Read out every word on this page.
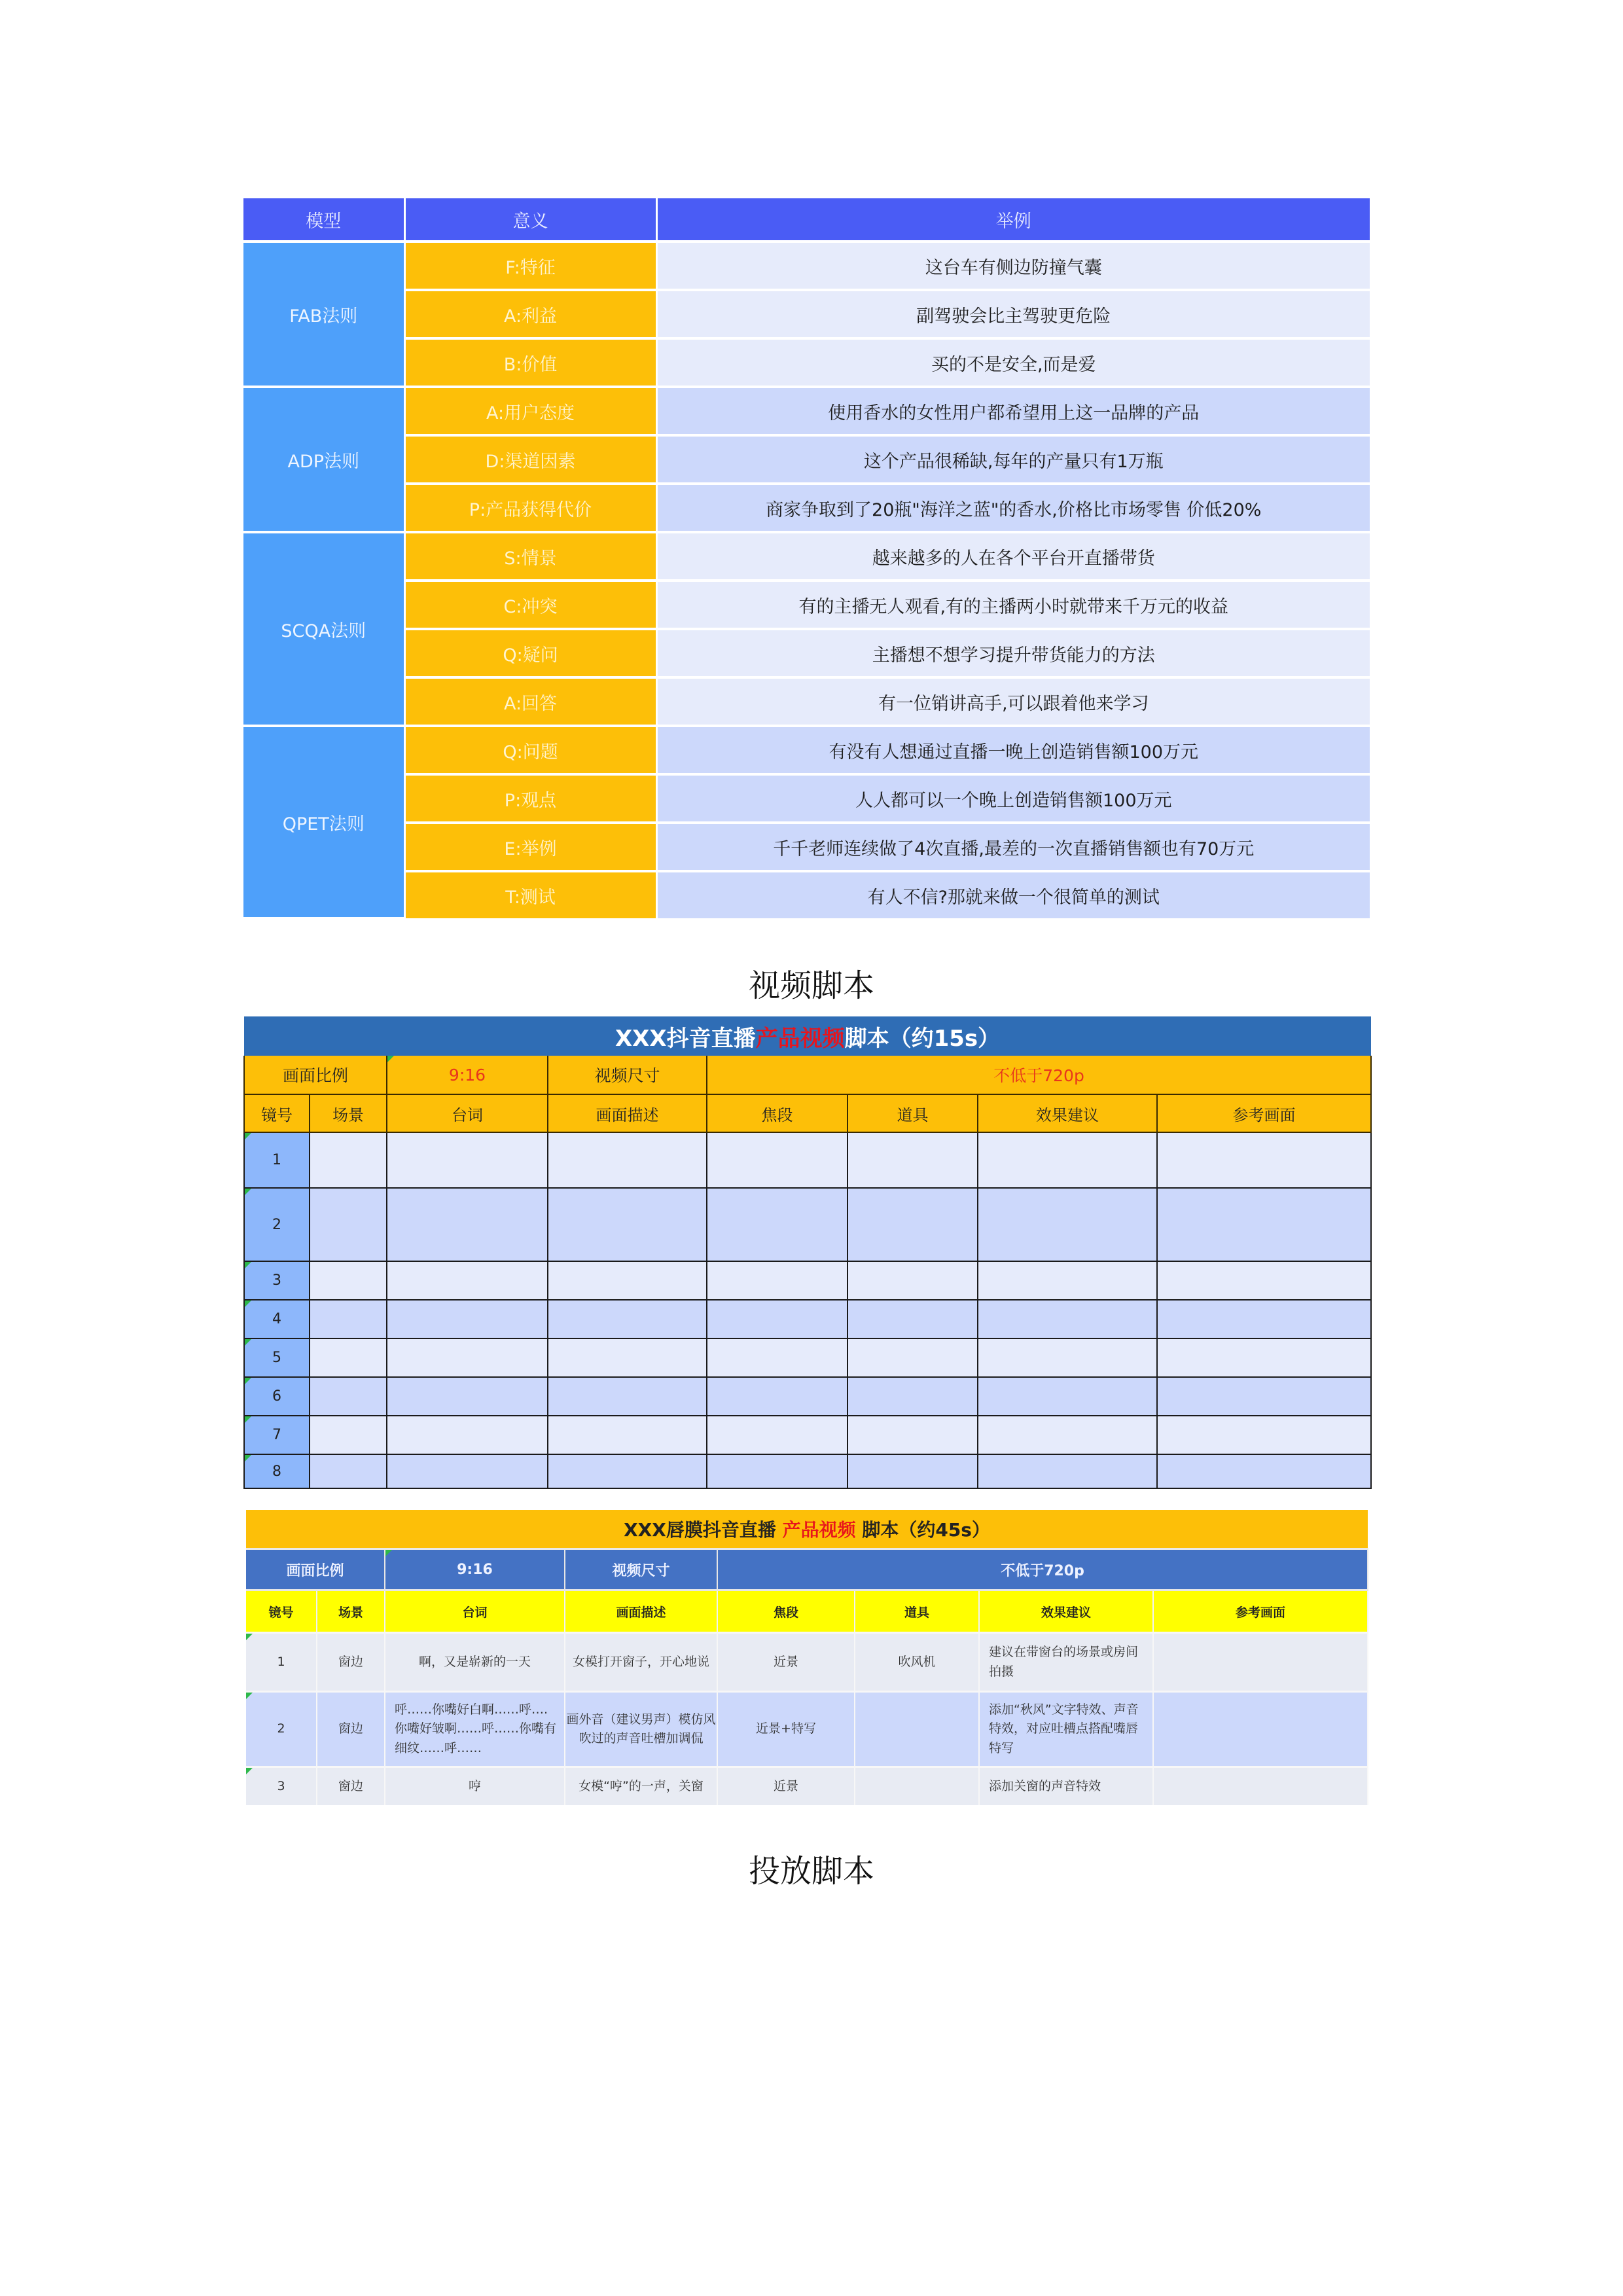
模型	意义	举例
FAB法则	F:特征	这台车有侧边防撞气囊
	A:利益	副驾驶会比主驾驶更危险
	B:价值	买的不是安全,而是爱
ADP法则	A:用户态度	使用香水的女性用户都希望用上这一品牌的产品
	D:渠道因素	这个产品很稀缺,每年的产量只有1万瓶
	P:产品获得代价	商家争取到了20瓶"海洋之蓝"的香水,价格比市场零售 价低20%
SCQA法则	S:情景	越来越多的人在各个平台开直播带货
	C:冲突	有的主播无人观看,有的主播两小时就带来千万元的收益
	Q:疑问	主播想不想学习提升带货能力的方法
	A:回答	有一位销讲高手,可以跟着他来学习
QPET法则	Q:问题	有没有人想通过直播一晚上创造销售额100万元
	P:观点	人人都可以一个晚上创造销售额100万元
	E:举例	千千老师连续做了4次直播,最差的一次直播销售额也有70万元
	T:测试	有人不信?那就来做一个很简单的测试
视频脚本
XXX抖音直播产品视频脚本（约15s）							
画面比例		9:16	视频尺寸	不低于720p			
镜号	场景	台词	画面描述	焦段	道具	效果建议	参考画面

1							

2							

3							

4							

5							

6							

7							

8							
XXX唇膜抖音直播 产品视频 脚本（约45s）							
画面比例		9:16	视频尺寸	不低于720p			
镜号	场景	台词	画面描述	焦段	道具	效果建议	参考画面

1	窗边	啊，又是崭新的一天	女模打开窗子，开心地说	近景	吹风机	建议在带窗台的场景或房间拍摄	

2	窗边	呼……你嘴好白啊……呼….你嘴好皱啊……呼……你嘴有细纹……呼……	画外音（建议男声）模仿风吹过的声音吐槽加调侃	近景+特写		添加“秋风”文字特效、声音特效，对应吐槽点搭配嘴唇特写	

3	窗边	哼	女模“哼”的一声，关窗	近景		添加关窗的声音特效	
投放脚本
